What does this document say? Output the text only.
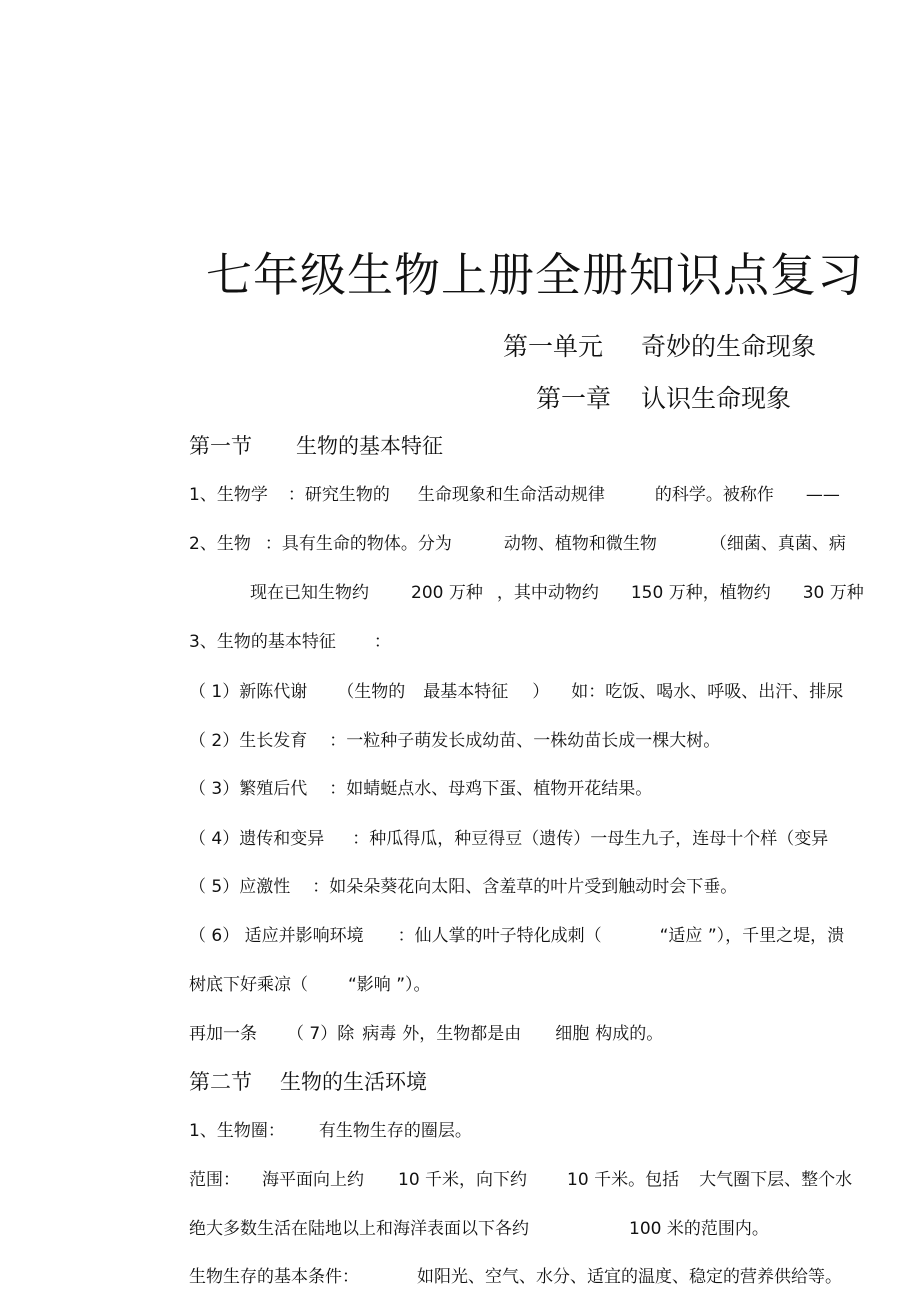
七年级生物上册全册知识点复习
第一单元 奇妙的生命现象
第一章 认识生命现象
第一节 生物的基本特征
1、生物学 ：研究生物的 生命现象和生命活动规律	的科学。被称作 ——
2、生物 ：具有生命的物体。分为	动物、植物和微生物	（细菌、真菌、病
现在已知生物约 200 万种 ，其中动物约 150 万种，植物约 30 万种
3、生物的基本特征 ：
（ 1）新陈代谢 （生物的 最基本特征 ） 如：吃饭、喝水、呼吸、出汗、排尿
（ 2）生长发育 ：一粒种子萌发长成幼苗、一株幼苗长成一棵大树。
（ 3）繁殖后代 ：如蜻蜓点水、母鸡下蛋、植物开花结果。
（ 4）遗传和变异 ：种瓜得瓜，种豆得豆（遗传）一母生九子，连母十个样（变异
（ 5）应激性 ：如朵朵葵花向太阳、含羞草的叶片受到触动时会下垂。
（ 6） 适应并影响环境 ：仙人掌的叶子特化成刺（	“适应 ”），千里之堤，溃
树底下好乘凉（ “影响 ”）。
再加一条 （ 7）除 病毒 外，生物都是由 细胞 构成的。
第二节 生物的生活环境
1、生物圈： 有生物生存的圈层。
范围： 海平面向上约 10 千米，向下约 10 千米。包括 大气圈下层、整个水
绝大多数生活在陆地以上和海洋表面以下各约	100 米的范围内。
生物生存的基本条件：	如阳光、空气、水分、适宜的温度、稳定的营养供给等。
